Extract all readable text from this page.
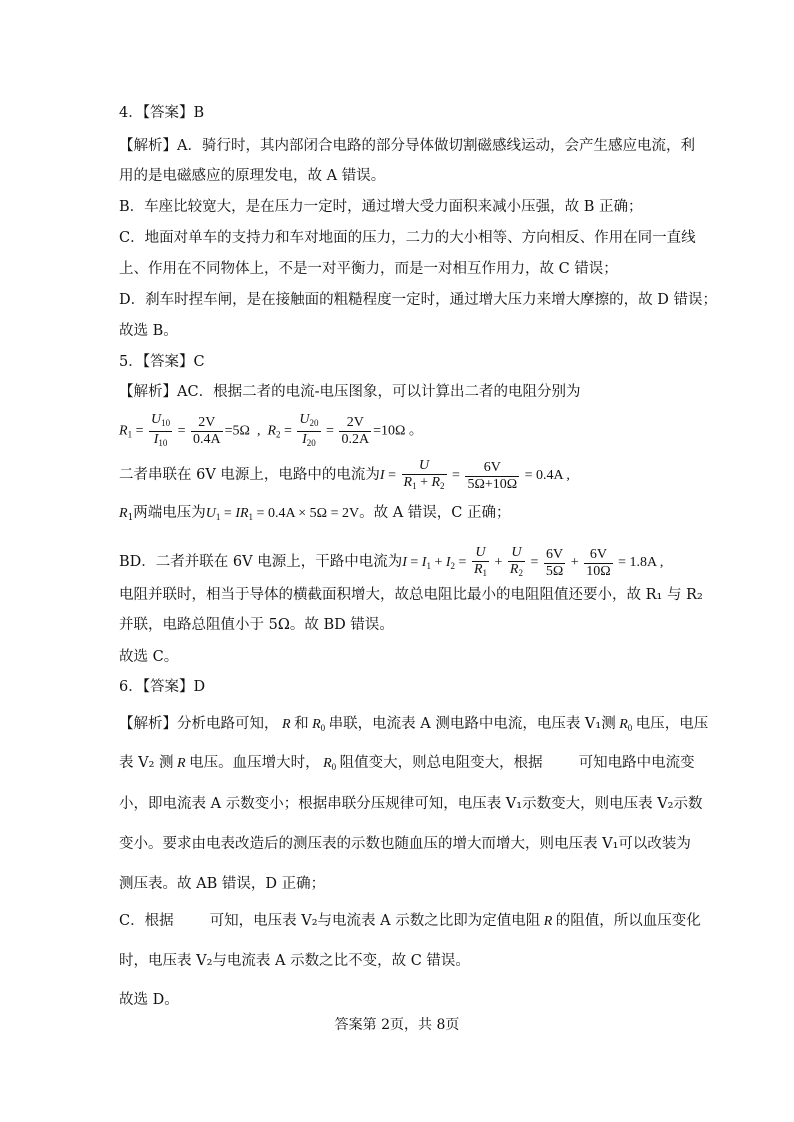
4．【答案】B
【解析】A．骑行时，其内部闭合电路的部分导体做切割磁感线运动，会产生感应电流，利
用的是电磁感应的原理发电，故 A 错误。
B．车座比较宽大，是在压力一定时，通过增大受力面积来减小压强，故 B 正确；
C．地面对单车的支持力和车对地面的压力，二力的大小相等、方向相反、作用在同一直线
上、作用在不同物体上，不是一对平衡力，而是一对相互作用力，故 C 错误；
D．刹车时捏车闸，是在接触面的粗糙程度一定时，通过增大压力来增大摩擦的，故 D 错误；
故选 B。
5．【答案】C
【解析】AC．根据二者的电流-电压图象，可以计算出二者的电阻分别为
$R_1 = \frac{U_{10}}{I_{10}} = \frac{2V}{0.4A} =5\Omega$  ,  $R_2 = \frac{U_{20}}{I_{20}} = \frac{2V}{0.2A} =10\Omega$ 。
二者串联在 6V 电源上，电路中的电流为$I = \frac{U}{R_1 + R_2} = \frac{6V}{5\Omega+10\Omega} = 0.4A$ ,
$R_1$两端电压为$U_1 = IR_1 = 0.4A \times 5\Omega = 2V$。故 A 错误，C 正确；
BD．二者并联在 6V 电源上，干路中电流为$I = I_1 + I_2 = \frac{U}{R_1} + \frac{U}{R_2} = \frac{6V}{5\Omega} + \frac{6V}{10\Omega} = 1.8A$ ,
电阻并联时，相当于导体的横截面积增大，故总电阻比最小的电阻阻值还要小，故 R₁ 与 R₂
并联，电路总阻值小于 5Ω。故 BD 错误。
故选 C。
6．【答案】D
【解析】分析电路可知， R 和 $R_0$ 串联，电流表 A 测电路中电流，电压表 V₁测 $R_0$ 电压，电压
表 V₂ 测 R 电压。血压增大时， $R_0$ 阻值变大，则总电阻变大，根据 可知电路中电流变
小，即电流表 A 示数变小；根据串联分压规律可知，电压表 V₁示数变大，则电压表 V₂示数
变小。要求由电表改造后的测压表的示数也随血压的增大而增大，则电压表 V₁可以改装为
测压表。故 AB 错误，D 正确；
C．根据 可知，电压表 V₂与电流表 A 示数之比即为定值电阻 R 的阻值，所以血压变化
时，电压表 V₂与电流表 A 示数之比不变，故 C 错误。
故选 D。
答案第 2页，共 8页
